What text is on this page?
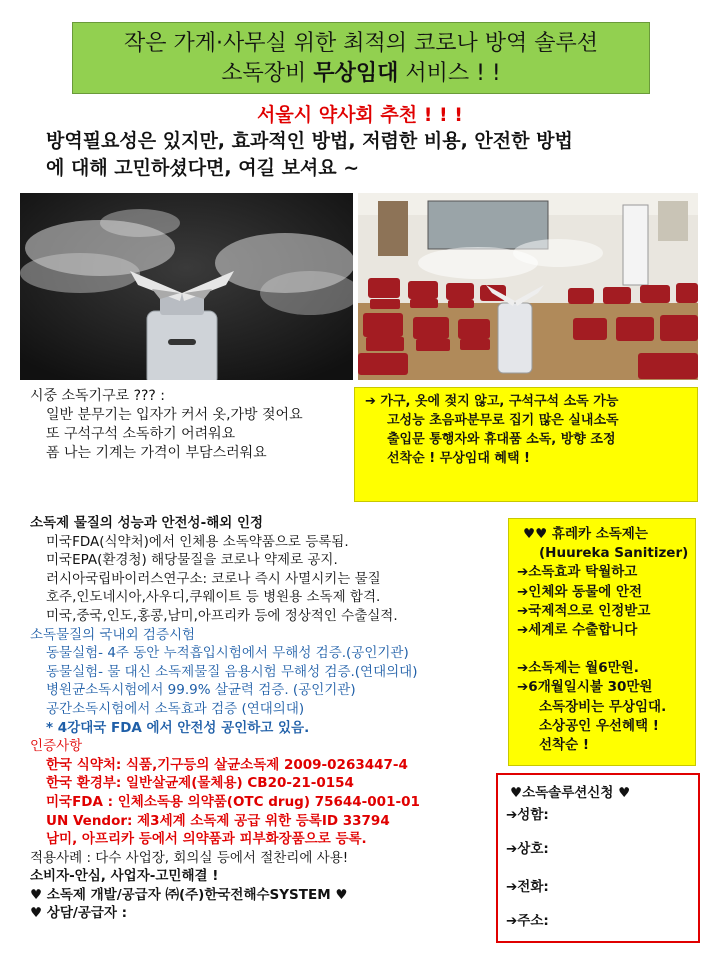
작은 가게·사무실 위한 최적의 코로나 방역 솔루션
소독장비 무상임대 서비스 ! !
서울시 약사회 추천 ! ! !
방역필요성은 있지만, 효과적인 방법, 저렴한 비용, 안전한 방법
에 대해 고민하셨다면, 여길 보셔요 ~
시중 소독기구로 ??? :
일반 분무기는 입자가 커서 옷,가방 젖어요
또 구석구석 소독하기 어려워요
폼 나는 기계는 가격이 부담스러워요
➔ 가구, 옷에 젖지 않고, 구석구석 소독 가능
고성능 초음파분무로 집기 많은 실내소독
출입문 통행자와 휴대품 소독, 방향 조정
선착순 ! 무상임대 혜택 !
소독제 물질의 성능과 안전성-해외 인정
미국FDA(식약처)에서 인체용 소독약품으로 등록됨.
미국EPA(환경청) 해당물질을 코로나 약제로 공지.
러시아국립바이러스연구소: 코로나 즉시 사멸시키는 물질
호주,인도네시아,사우디,쿠웨이트 등 병원용 소독제 합격.
미국,중국,인도,홍콩,남미,아프리카 등에 정상적인 수출실적.
소독물질의 국내외 검증시험
동물실험- 4주 동안 누적흡입시험에서 무해성 검증.(공인기관)
동물실험- 물 대신 소독제물질 음용시험 무해성 검증.(연대의대)
병원균소독시험에서 99.9% 살균력 검증. (공인기관)
공간소독시험에서 소독효과 검증 (연대의대)
* 4강대국 FDA 에서 안전성 공인하고 있음.
인증사항
한국 식약처: 식품,기구등의 살균소독제 2009-0263447-4
한국 환경부: 일반살균제(물체용) CB20-21-0154
미국FDA : 인체소독용 의약품(OTC drug) 75644-001-01
UN Vendor: 제3세계 소독제 공급 위한 등록ID 33794
남미, 아프리카 등에서 의약품과 피부화장품으로 등록.
적용사례 : 다수 사업장, 회의실 등에서 절찬리에 사용!
소비자-안심, 사업자-고민해결 !
♥ 소독제 개발/공급자 ㈜(주)한국전해수SYSTEM ♥
♥ 상담/공급자 :
♥♥ 휴레카 소독제는
(Huureka Sanitizer)
➔소독효과 탁월하고
➔인체와 동물에 안전
➔국제적으로 인정받고
➔세계로 수출합니다
➔소독제는 월6만원.
➔6개월일시불 30만원
소독장비는 무상임대.
소상공인 우선혜택 !
선착순 !
♥소독솔루션신청 ♥
➔성함:
➔상호:
➔전화:
➔주소:
